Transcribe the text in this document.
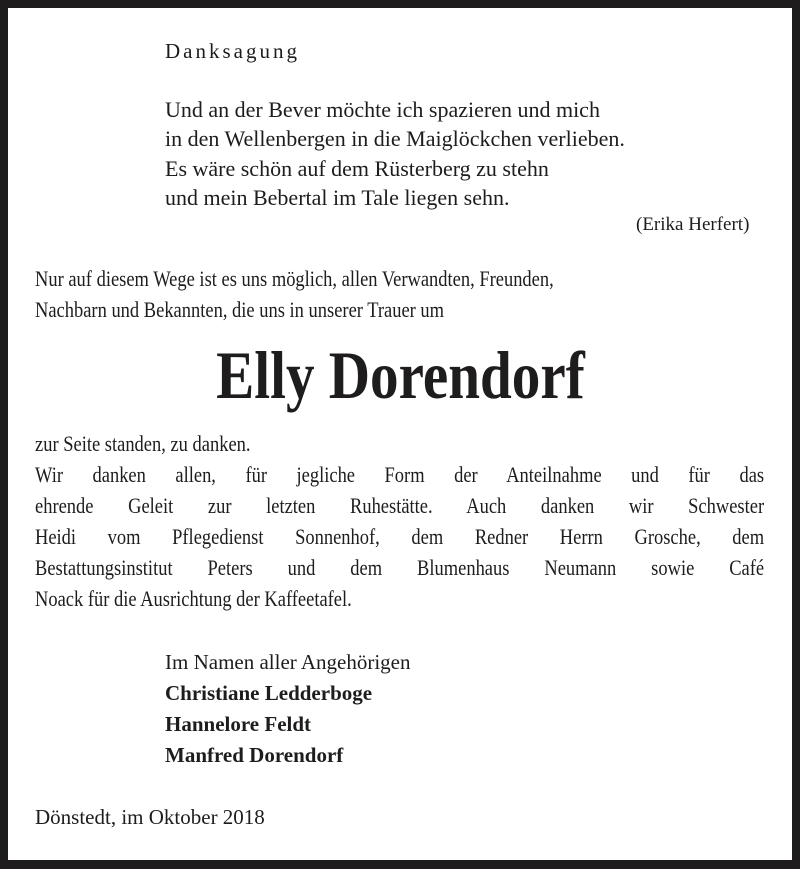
Danksagung
Und an der Bever möchte ich spazieren und mich
in den Wellenbergen in die Maiglöckchen verlieben.
Es wäre schön auf dem Rüsterberg zu stehn
und mein Bebertal im Tale liegen sehn.
(Erika Herfert)
Nur auf diesem Wege ist es uns möglich, allen Verwandten, Freunden,
Nachbarn und Bekannten, die uns in unserer Trauer um
Elly Dorendorf
zur Seite standen, zu danken.
Wir danken allen, für jegliche Form der Anteilnahme und für das
ehrende Geleit zur letzten Ruhestätte. Auch danken wir Schwester
Heidi vom Pflegedienst Sonnenhof, dem Redner Herrn Grosche, dem
Bestattungsinstitut Peters und dem Blumenhaus Neumann sowie Café
Noack für die Ausrichtung der Kaffeetafel.
Im Namen aller Angehörigen
Christiane Ledderboge
Hannelore Feldt
Manfred Dorendorf
Dönstedt, im Oktober 2018
